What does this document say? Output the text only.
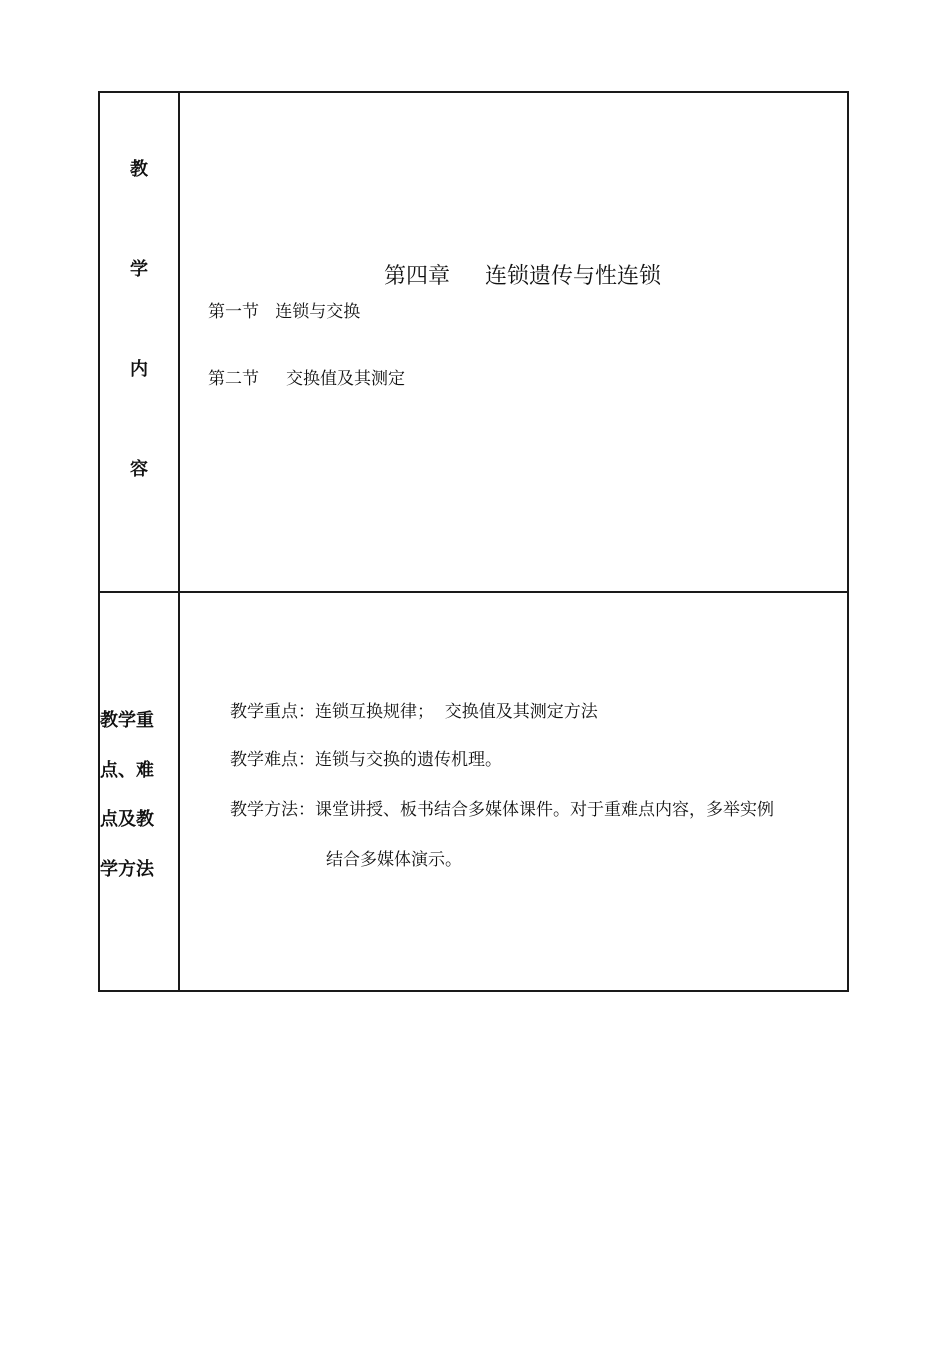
教
学
内
容
第四章     连锁遗传与性连锁
第一节   连锁与交换
第二节     交换值及其测定
教学重
点、难
点及教
学方法
教学重点：连锁互换规律；  交换值及其测定方法
教学难点：连锁与交换的遗传机理。
教学方法：课堂讲授、板书结合多媒体课件。对于重难点内容，多举实例
结合多媒体演示。
